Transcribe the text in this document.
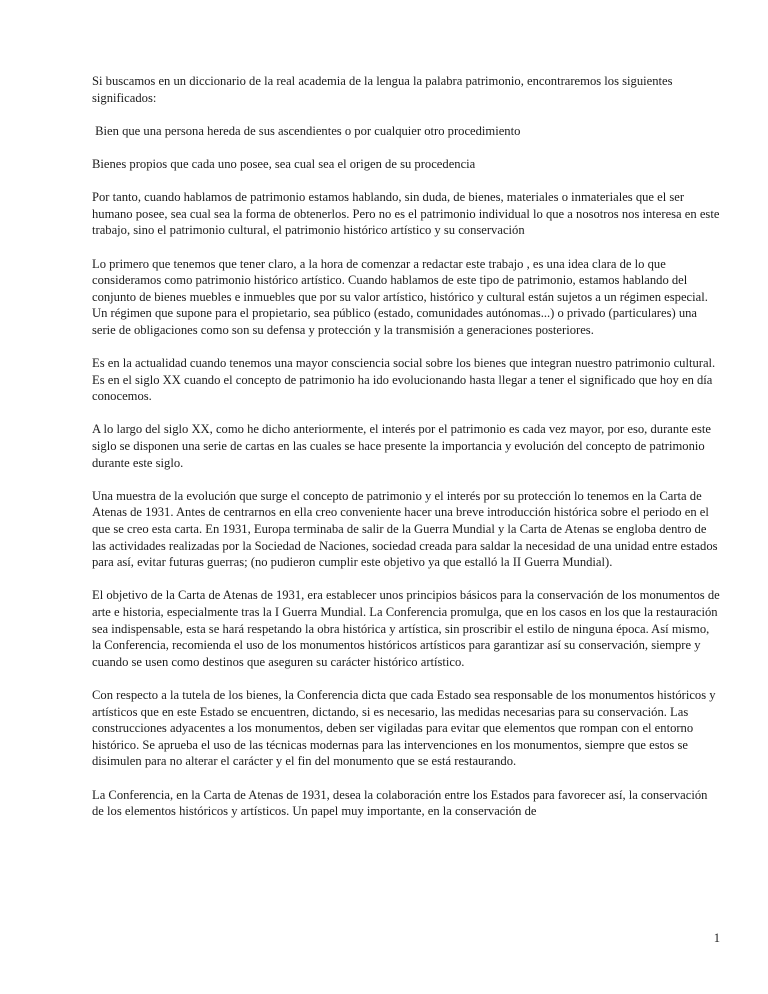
Si buscamos en un diccionario de la real academia de la lengua la palabra patrimonio, encontraremos los siguientes significados:

Bien que una persona hereda de sus ascendientes o por cualquier otro procedimiento

Bienes propios que cada uno posee, sea cual sea el origen de su procedencia

Por tanto, cuando hablamos de patrimonio estamos hablando, sin duda, de bienes, materiales o inmateriales que el ser humano posee, sea cual sea la forma de obtenerlos. Pero no es el patrimonio individual lo que a nosotros nos interesa en este trabajo, sino el patrimonio cultural, el patrimonio histórico artístico y su conservación

Lo primero que tenemos que tener claro, a la hora de comenzar a redactar este trabajo , es una idea clara de lo que consideramos como patrimonio histórico artístico. Cuando hablamos de este tipo de patrimonio, estamos hablando del conjunto de bienes muebles e inmuebles que por su valor artístico, histórico y cultural están sujetos a un régimen especial. Un régimen que supone para el propietario, sea público (estado, comunidades autónomas...) o privado (particulares) una serie de obligaciones como son su defensa y protección y la transmisión a generaciones posteriores.

Es en la actualidad cuando tenemos una mayor consciencia social sobre los bienes que integran nuestro patrimonio cultural. Es en el siglo XX cuando el concepto de patrimonio ha ido evolucionando hasta llegar a tener el significado que hoy en día conocemos.

A lo largo del siglo XX, como he dicho anteriormente, el interés por el patrimonio es cada vez mayor, por eso, durante este siglo se disponen una serie de cartas en las cuales se hace presente la importancia y evolución del concepto de patrimonio durante este siglo.

Una muestra de la evolución que surge el concepto de patrimonio y el interés por su protección lo tenemos en la Carta de Atenas de 1931. Antes de centrarnos en ella creo conveniente hacer una breve introducción histórica sobre el periodo en el que se creo esta carta. En 1931, Europa terminaba de salir de la Guerra Mundial y la Carta de Atenas se engloba dentro de las actividades realizadas por la Sociedad de Naciones, sociedad creada para saldar la necesidad de una unidad entre estados para así, evitar futuras guerras; (no pudieron cumplir este objetivo ya que estalló la II Guerra Mundial).

El objetivo de la Carta de Atenas de 1931, era establecer unos principios básicos para la conservación de los monumentos de arte e historia, especialmente tras la I Guerra Mundial. La Conferencia promulga, que en los casos en los que la restauración sea indispensable, esta se hará respetando la obra histórica y artística, sin proscribir el estilo de ninguna época. Así mismo, la Conferencia, recomienda el uso de los monumentos históricos artísticos para garantizar así su conservación, siempre y cuando se usen como destinos que aseguren su carácter histórico artístico.

Con respecto a la tutela de los bienes, la Conferencia dicta que cada Estado sea responsable de los monumentos históricos y artísticos que en este Estado se encuentren, dictando, si es necesario, las medidas necesarias para su conservación. Las construcciones adyacentes a los monumentos, deben ser vigiladas para evitar que elementos que rompan con el entorno histórico. Se aprueba el uso de las técnicas modernas para las intervenciones en los monumentos, siempre que estos se disimulen para no alterar el carácter y el fin del monumento que se está restaurando.

La Conferencia, en la Carta de Atenas de 1931, desea la colaboración entre los Estados para favorecer así, la conservación de los elementos históricos y artísticos. Un papel muy importante, en la conservación de

1
